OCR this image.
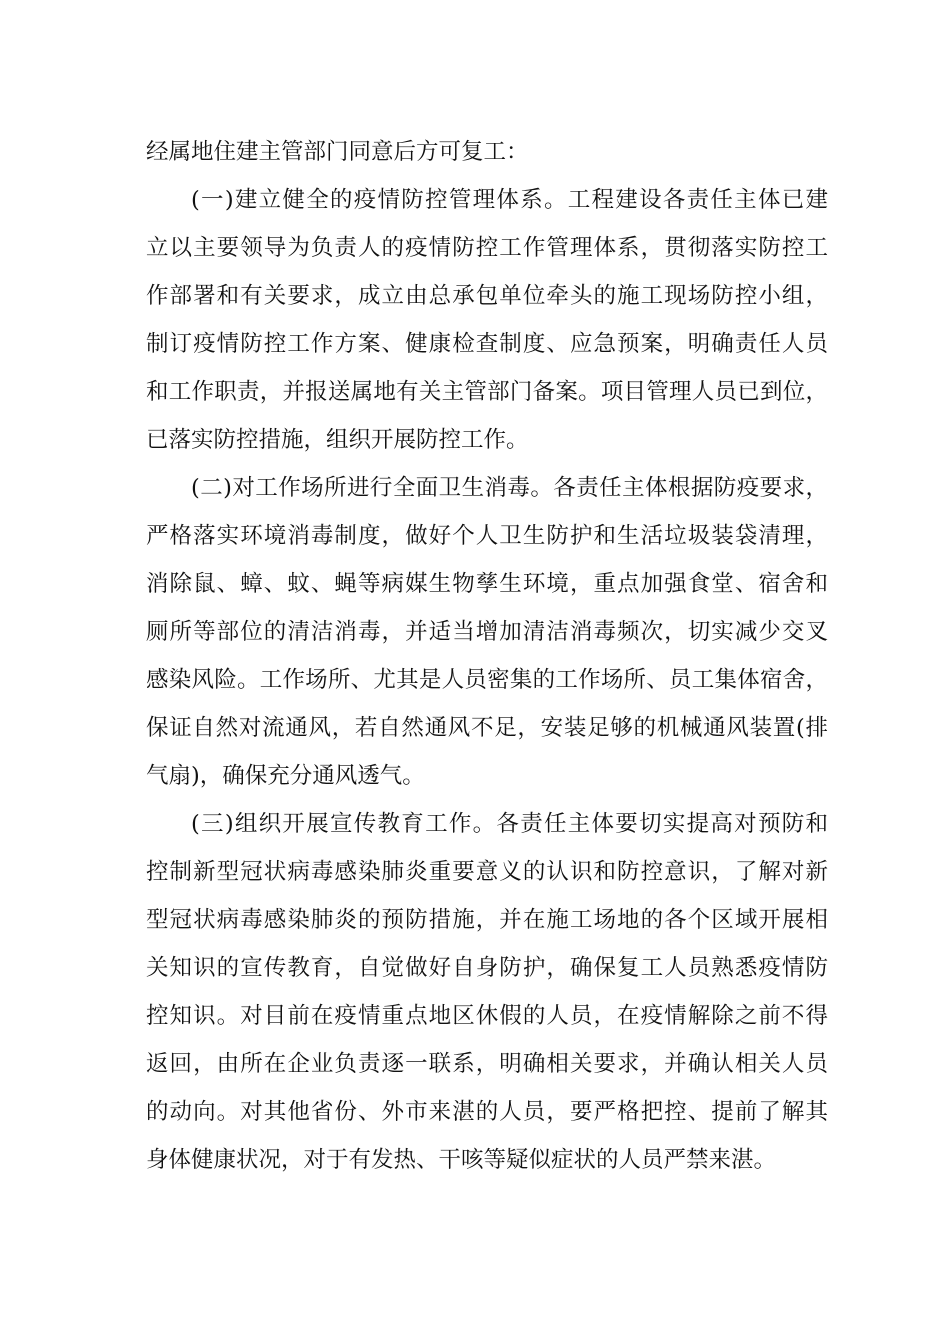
经属地住建主管部门同意后方可复工：
(一)建立健全的疫情防控管理体系。工程建设各责任主体已建
立以主要领导为负责人的疫情防控工作管理体系，贯彻落实防控工
作部署和有关要求，成立由总承包单位牵头的施工现场防控小组，
制订疫情防控工作方案、健康检查制度、应急预案，明确责任人员
和工作职责，并报送属地有关主管部门备案。项目管理人员已到位，
已落实防控措施，组织开展防控工作。
(二)对工作场所进行全面卫生消毒。各责任主体根据防疫要求，
严格落实环境消毒制度，做好个人卫生防护和生活垃圾装袋清理，
消除鼠、蟑、蚊、蝇等病媒生物孳生环境，重点加强食堂、宿舍和
厕所等部位的清洁消毒，并适当增加清洁消毒频次，切实减少交叉
感染风险。工作场所、尤其是人员密集的工作场所、员工集体宿舍，
保证自然对流通风，若自然通风不足，安装足够的机械通风装置(排
气扇)，确保充分通风透气。
(三)组织开展宣传教育工作。各责任主体要切实提高对预防和
控制新型冠状病毒感染肺炎重要意义的认识和防控意识，了解对新
型冠状病毒感染肺炎的预防措施，并在施工场地的各个区域开展相
关知识的宣传教育，自觉做好自身防护，确保复工人员熟悉疫情防
控知识。对目前在疫情重点地区休假的人员，在疫情解除之前不得
返回，由所在企业负责逐一联系，明确相关要求，并确认相关人员
的动向。对其他省份、外市来湛的人员，要严格把控、提前了解其
身体健康状况，对于有发热、干咳等疑似症状的人员严禁来湛。
